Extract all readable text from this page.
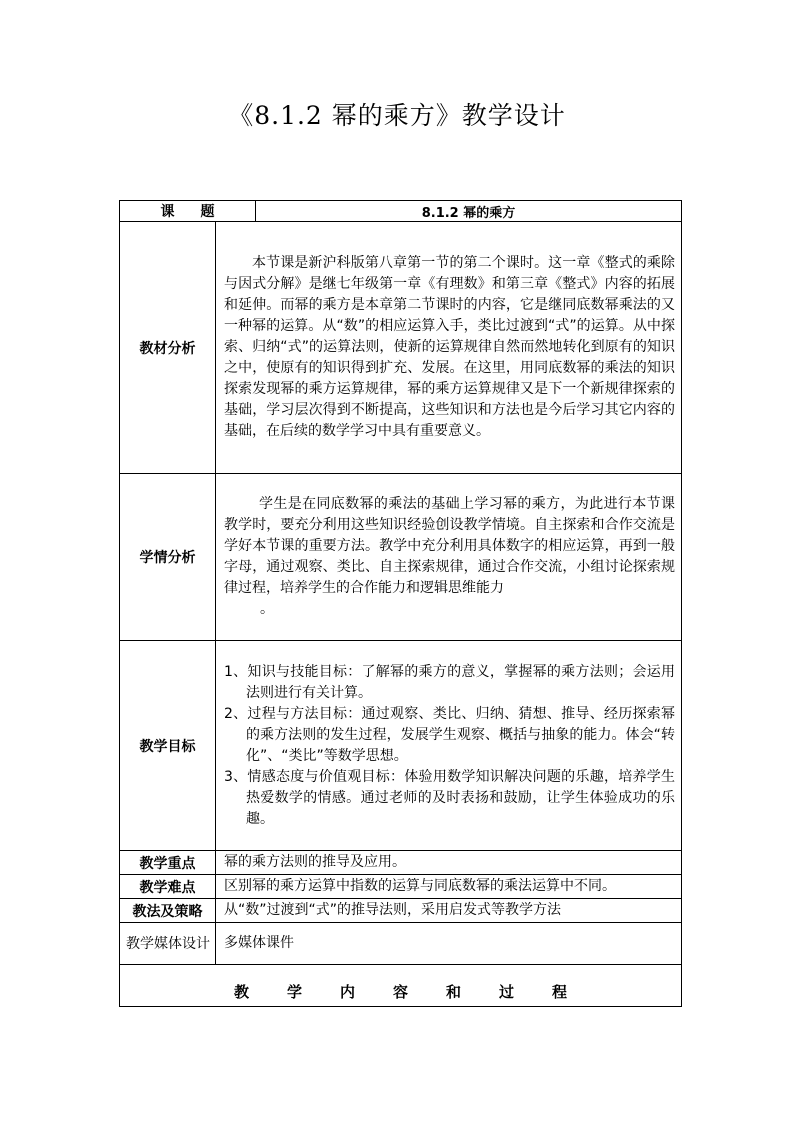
《8.1.2 幂的乘方》教学设计
课题		8.1.2 幂的乘方
教材分析	本节课是新沪科版第八章第一节的第二个课时。这一章《整式的乘除与因式分解》是继七年级第一章《有理数》和第三章《整式》内容的拓展和延伸。而幂的乘方是本章第二节课时的内容，它是继同底数幂乘法的又一种幂的运算。从“数”的相应运算入手，类比过渡到“式”的运算。从中探索、归纳“式”的运算法则，使新的运算规律自然而然地转化到原有的知识之中，使原有的知识得到扩充、发展。在这里，用同底数幂的乘法的知识探索发现幂的乘方运算规律，幂的乘方运算规律又是下一个新规律探索的基础，学习层次得到不断提高，这些知识和方法也是今后学习其它内容的基础，在后续的数学学习中具有重要意义。	

学情分析	学生是在同底数幂的乘法的基础上学习幂的乘方，为此进行本节课教学时，要充分利用这些知识经验创设教学情境。自主探索和合作交流是学好本节课的重要方法。教学中充分利用具体数字的相应运算，再到一般字母，通过观察、类比、自主探索规律，通过合作交流，小组讨论探索规律过程，培养学生的合作能力和逻辑思维能力

。	

教学目标	1、知识与技能目标：了解幂的乘方的意义，掌握幂的乘方法则；会运用法则进行有关计算。

2、过程与方法目标：通过观察、类比、归纳、猜想、推导、经历探索幂的乘方法则的发生过程，发展学生观察、概括与抽象的能力。体会“转化”、“类比”等数学思想。

3、情感态度与价值观目标：体验用数学知识解决问题的乐趣，培养学生热爱数学的情感。通过老师的及时表扬和鼓励，让学生体验成功的乐趣。	

教学重点	幂的乘方法则的推导及应用。	
教学难点	区别幂的乘方运算中指数的运算与同底数幂的乘法运算中不同。	
教法及策略	从“数”过渡到“式”的推导法则，采用启发式等教学方法	
教学媒体设计	多媒体课件	
教学内容和过程		
